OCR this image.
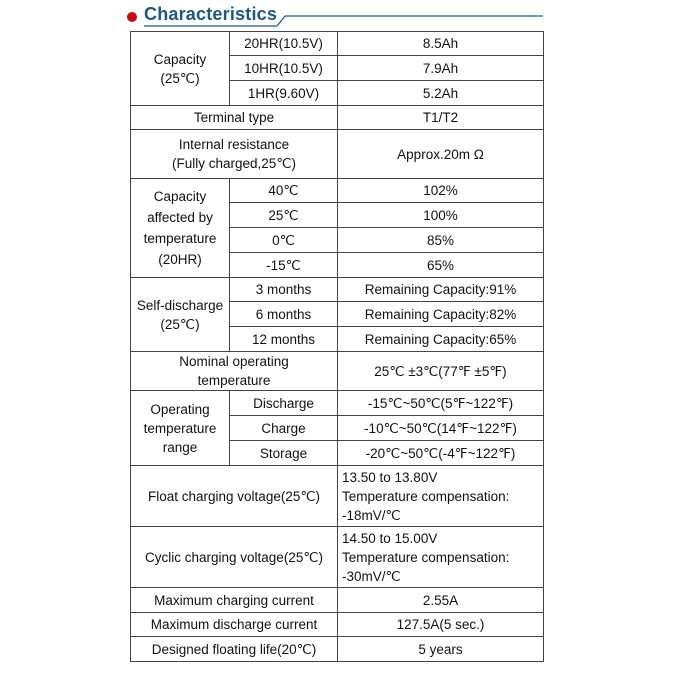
Characteristics
Capacity
(25℃)	20HR(10.5V)	8.5Ah
	10HR(10.5V)	7.9Ah
	1HR(9.60V)	5.2Ah
Terminal type		T1/T2

Internal resistance
(Fully charged,25℃)		Approx.20m Ω

Capacity
affected by
temperature
(20HR)	40℃	102%
	25℃	100%
	0℃	85%
	-15℃	65%

Self-discharge
(25℃)	3 months	Remaining Capacity:91%
	6 months	Remaining Capacity:82%
	12 months	Remaining Capacity:65%

Nominal operating
temperature		25℃ ±3℃(77℉ ±5℉)

Operating
temperature
range	Discharge	-15℃~50℃(5℉~122℉)
	Charge	-10℃~50℃(14℉~122℉)
	Storage	-20℃~50℃(-4℉~122℉)
Float charging voltage(25℃)		13.50 to 13.80V
Temperature compensation:
-18mV/℃

Cyclic charging voltage(25℃)		14.50 to 15.00V
Temperature compensation:
-30mV/℃

Maximum charging current		2.55A
Maximum discharge current		127.5A(5 sec.)
Designed floating life(20℃)		5 years
